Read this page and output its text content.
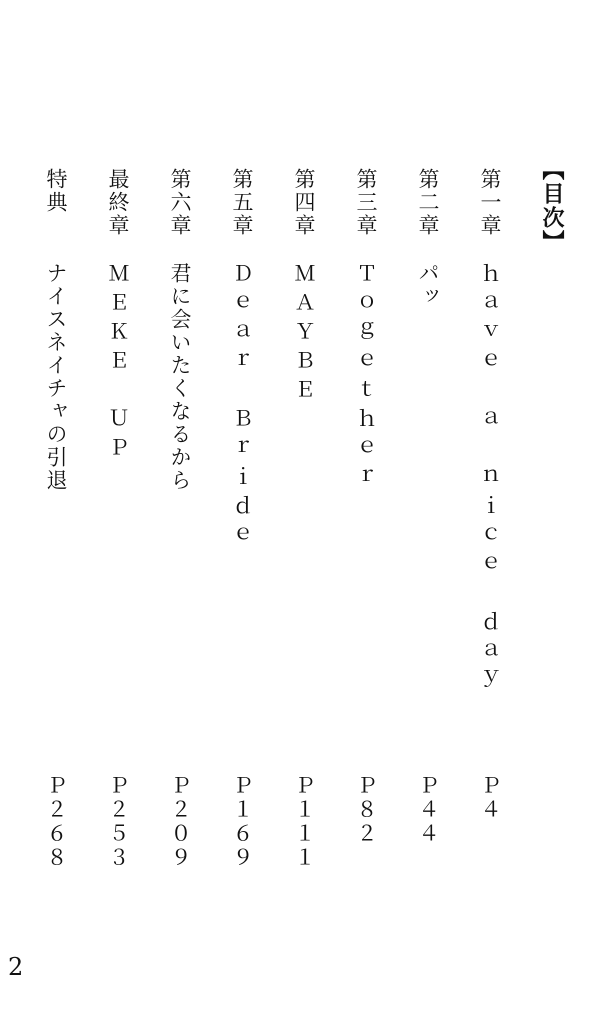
【目次】
第一章
ｈａｖｅ　ａ　ｎｉｃｅ　ｄａｙ
Ｐ４
第二章
パッ
Ｐ４４
第三章
Ｔｏｇｅｔｈｅｒ
Ｐ８２
第四章
ＭＡＹＢＥ
Ｐ１１１
第五章
Ｄｅａｒ　Ｂｒｉｄｅ
Ｐ１６９
第六章
君に会いたくなるから
Ｐ２０９
最終章
ＭＥＫＥ　ＵＰ
Ｐ２５３
特典
ナイスネイチャの引退
Ｐ２６８
2
